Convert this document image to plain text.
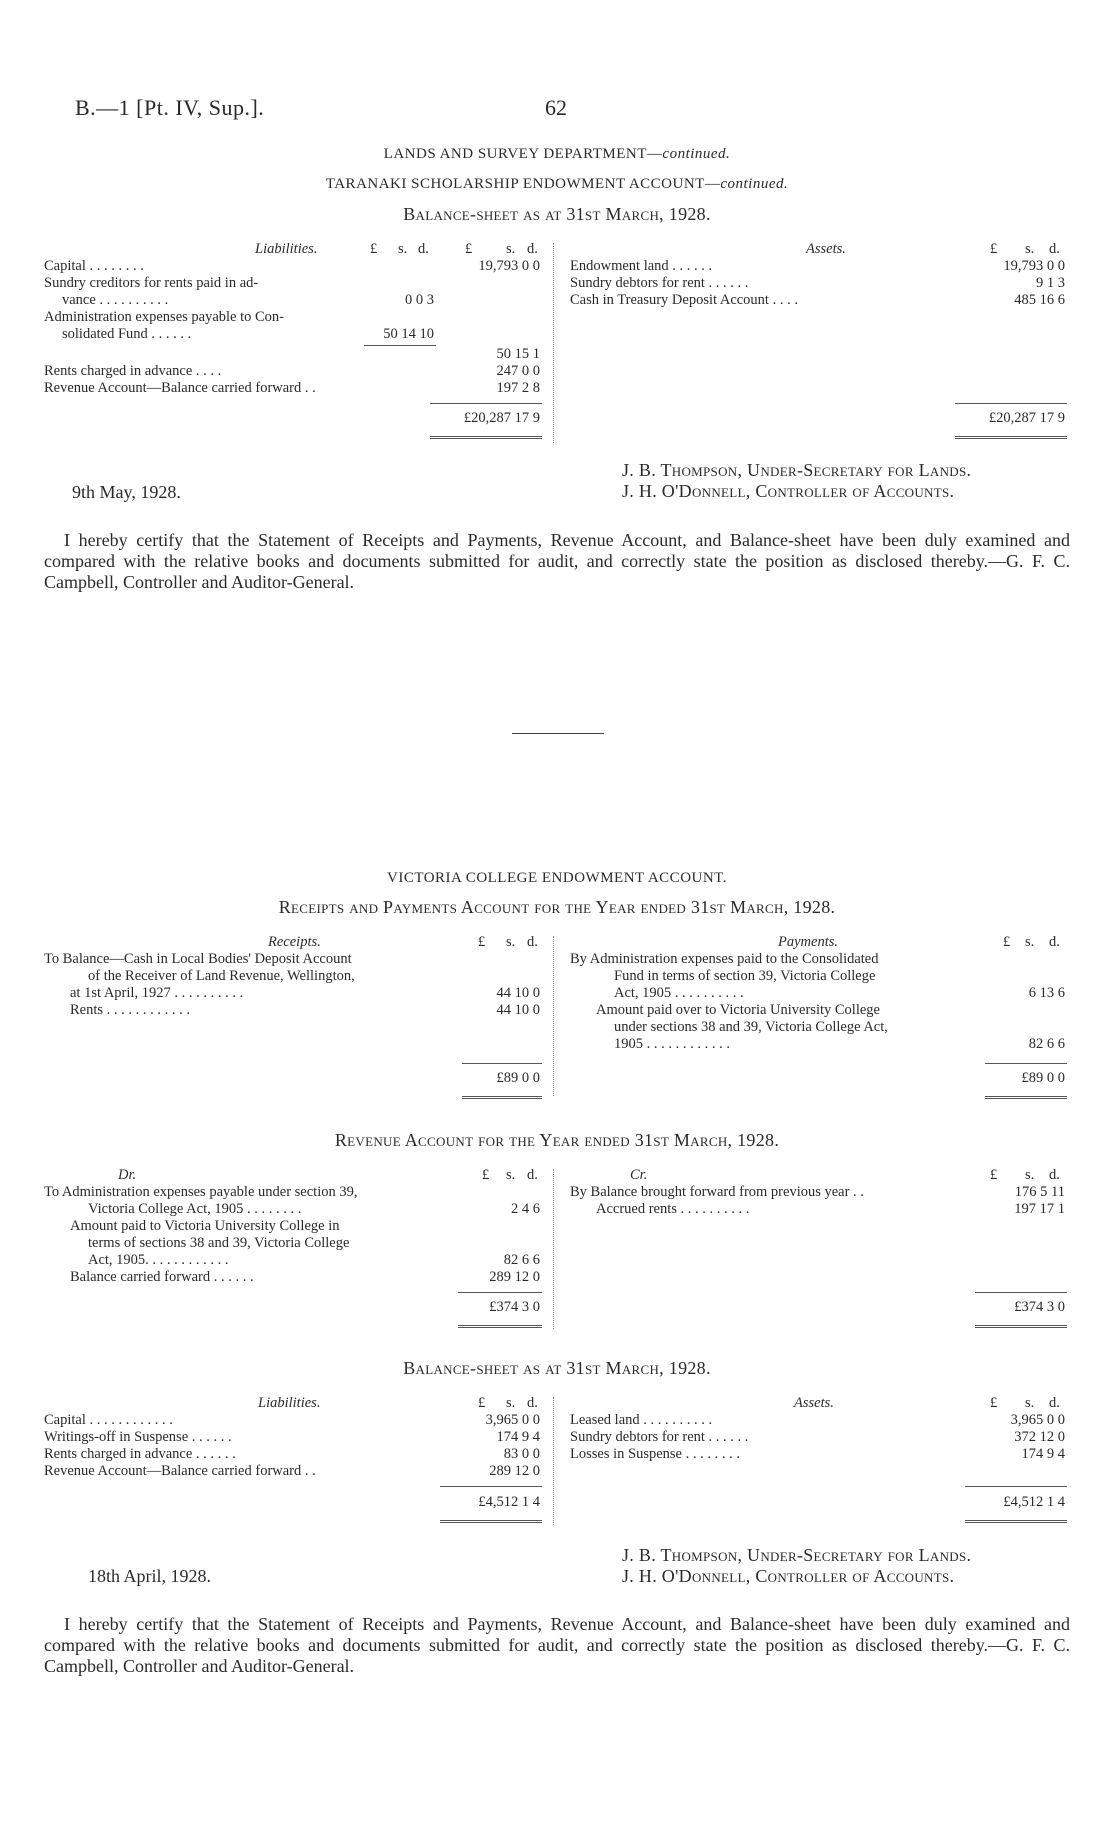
B.—1 [Pt. IV, Sup.].	62
LANDS AND SURVEY DEPARTMENT—continued.
TARANAKI SCHOLARSHIP ENDOWMENT ACCOUNT—continued.
Balance-sheet as at 31st March, 1928.
Liabilities.	£ s. d. £ s. d.
Capital . . . . . . . .	19,793 0 0
Sundry creditors for rents paid in ad-
vance . . . . . . . . . .	0 0 3
Administration expenses payable to Con-
solidated Fund . . . . . .	50 14 10
50 15 1
Rents charged in advance . . . .	247 0 0
Revenue Account—Balance carried forward . .	197 2 8
£20,287 17 9
Assets.	£ s. d.
Endowment land . . . . . .	19,793 0 0
Sundry debtors for rent . . . . . .	9 1 3
Cash in Treasury Deposit Account . . . .	485 16 6
£20,287 17 9
9th May, 1928.
J. B. Thompson, Under-Secretary for Lands.
J. H. O'Donnell, Controller of Accounts.
I hereby certify that the Statement of Receipts and Payments, Revenue Account, and Balance-sheet have been duly examined and compared with the relative books and documents submitted for audit, and correctly state the position as disclosed thereby.—G. F. C. Campbell, Controller and Auditor-General.
VICTORIA COLLEGE ENDOWMENT ACCOUNT.
Receipts and Payments Account for the Year ended 31st March, 1928.
Receipts.	£ s. d.
To Balance—Cash in Local Bodies' Deposit Account
of the Receiver of Land Revenue, Wellington,
at 1st April, 1927 . . . . . . . . . .	44 10 0
Rents . . . . . . . . . . . .	44 10 0
£89 0 0
Payments.	£ s. d.
By Administration expenses paid to the Consolidated
Fund in terms of section 39, Victoria College
Act, 1905 . . . . . . . . . .	6 13 6
Amount paid over to Victoria University College
under sections 38 and 39, Victoria College Act,
1905 . . . . . . . . . . . .	82 6 6
£89 0 0
Revenue Account for the Year ended 31st March, 1928.
Dr.	£ s. d.
To Administration expenses payable under section 39,
Victoria College Act, 1905 . . . . . . . .	2 4 6
Amount paid to Victoria University College in
terms of sections 38 and 39, Victoria College
Act, 1905. . . . . . . . . . . .	82 6 6
Balance carried forward . . . . . .	289 12 0
£374 3 0
Cr.	£ s. d.
By Balance brought forward from previous year . .	176 5 11
Accrued rents . . . . . . . . . .	197 17 1
£374 3 0
Balance-sheet as at 31st March, 1928.
Liabilities.	£ s. d.
Capital . . . . . . . . . . . .	3,965 0 0
Writings-off in Suspense . . . . . .	174 9 4
Rents charged in advance . . . . . .	83 0 0
Revenue Account—Balance carried forward . .	289 12 0
£4,512 1 4
Assets.	£ s. d.
Leased land . . . . . . . . . .	3,965 0 0
Sundry debtors for rent . . . . . .	372 12 0
Losses in Suspense . . . . . . . .	174 9 4
£4,512 1 4
18th April, 1928.
J. B. Thompson, Under-Secretary for Lands.
J. H. O'Donnell, Controller of Accounts.
I hereby certify that the Statement of Receipts and Payments, Revenue Account, and Balance-sheet have been duly examined and compared with the relative books and documents submitted for audit, and correctly state the position as disclosed thereby.—G. F. C. Campbell, Controller and Auditor-General.
